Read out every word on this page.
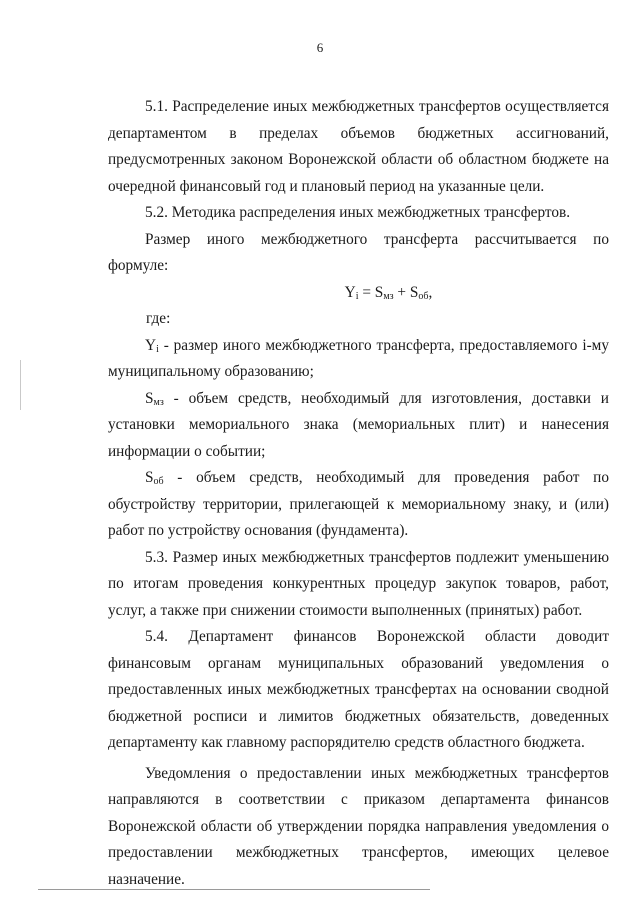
6

5.1. Распределение иных межбюджетных трансфертов осуществляется департаментом в пределах объемов бюджетных ассигнований, предусмотренных законом Воронежской области об областном бюджете на очередной финансовый год и плановый период на указанные цели.

5.2. Методика распределения иных межбюджетных трансфертов.

Размер иного межбюджетного трансферта рассчитывается по формуле:

$Y_i = S_{мз} + S_{об}$,

где:

$Y_i$ - размер иного межбюджетного трансферта, предоставляемого i-му муниципальному образованию;

$S_{мз}$ - объем средств, необходимый для изготовления, доставки и установки мемориального знака (мемориальных плит) и нанесения информации о событии;

$S_{об}$ - объем средств, необходимый для проведения работ по обустройству территории, прилегающей к мемориальному знаку, и (или) работ по устройству основания (фундамента).

5.3. Размер иных межбюджетных трансфертов подлежит уменьшению по итогам проведения конкурентных процедур закупок товаров, работ, услуг, а также при снижении стоимости выполненных (принятых) работ.

5.4. Департамент финансов Воронежской области доводит финансовым органам муниципальных образований уведомления о предоставленных иных межбюджетных трансфертах на основании сводной бюджетной росписи и лимитов бюджетных обязательств, доведенных департаменту как главному распорядителю средств областного бюджета.

Уведомления о предоставлении иных межбюджетных трансфертов направляются в соответствии с приказом департамента финансов Воронежской области об утверждении порядка направления уведомления о предоставлении межбюджетных трансфертов, имеющих целевое назначение.
